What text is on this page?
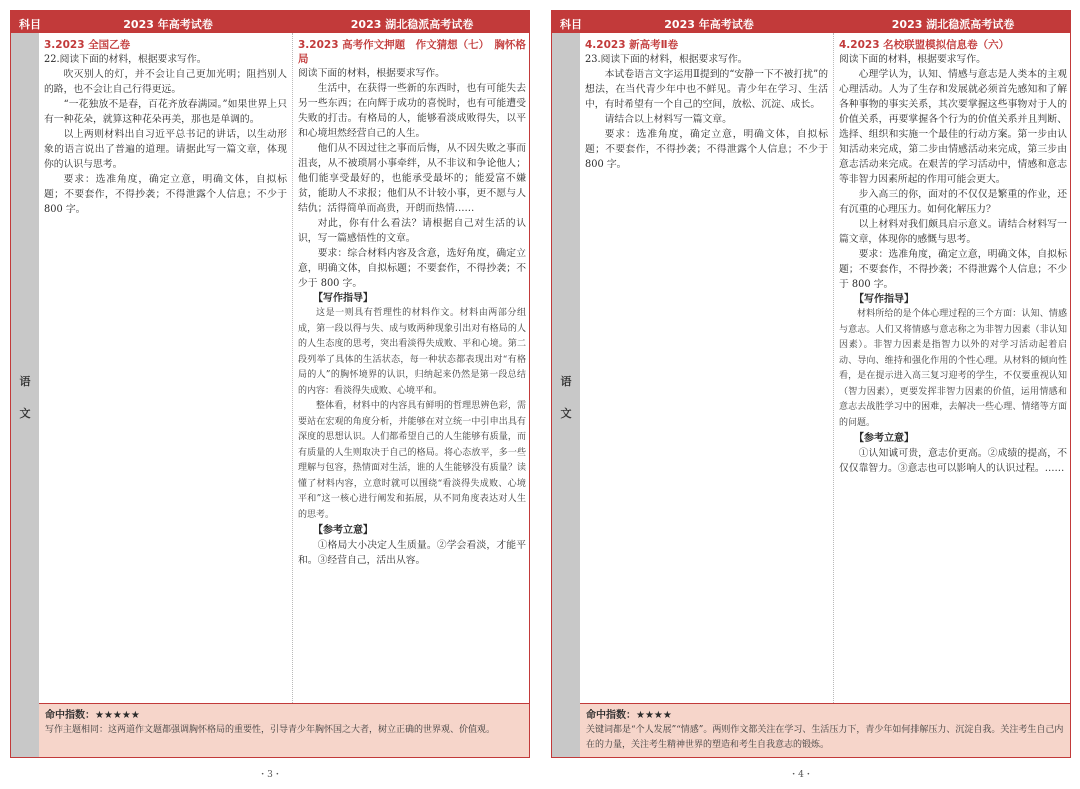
科目	2023 年高考试卷	2023 湖北稳派高考试卷
语
文
3.2023 全国乙卷

22.阅读下面的材料，根据要求写作。

吹灭别人的灯，并不会让自己更加光明；阻挡别人的路，也不会让自己行得更远。

“一花独放不是春，百花齐放春满园。”如果世界上只有一种花朵，就算这种花朵再美，那也是单调的。

以上两则材料出自习近平总书记的讲话，以生动形象的语言说出了普遍的道理。请据此写一篇文章，体现你的认识与思考。

要求：选准角度，确定立意，明确文体，自拟标题；不要套作，不得抄袭；不得泄露个人信息；不少于 800 字。

3.2023 高考作文押题　作文猜想（七）　胸怀格局

阅读下面的材料，根据要求写作。

生活中，在获得一些新的东西时，也有可能失去另一些东西；在向辉于成功的喜悦时，也有可能遭受失败的打击。有格局的人，能够看淡成败得失，以平和心境坦然经营自己的人生。

他们从不因过往之事而后悔，从不因失败之事而沮丧，从不被琐屑小事牵绊，从不非议和争论他人；他们能享受最好的，也能承受最坏的；能爱富不嫌贫，能助人不求报；他们从不计较小事，更不愿与人结仇；活得简单而高贵，开朗而热情……

对此，你有什么看法？请根据自己对生活的认识，写一篇感悟性的文章。

要求：综合材料内容及含意，选好角度，确定立意，明确文体，自拟标题；不要套作，不得抄袭；不少于 800 字。

【写作指导】

这是一则具有哲理性的材料作文。材料由两部分组成，第一段以得与失、成与败两种现象引出对有格局的人的人生态度的思考，突出看淡得失成败、平和心境。第二段列举了具体的生活状态，每一种状态都表现出对“有格局的人”的胸怀境界的认识，归纳起来仍然是第一段总结的内容：看淡得失成败、心境平和。

整体看，材料中的内容具有鲜明的哲理思辨色彩，需要站在宏观的角度分析，并能够在对立统一中引申出具有深度的思想认识。人们都希望自己的人生能够有质量，而有质量的人生则取决于自己的格局。将心态放平，多一些理解与包容，热情面对生活，谁的人生能够没有质量？读懂了材料内容，立意时就可以围绕“看淡得失成败、心境平和”这一核心进行阐发和拓展，从不同角度表达对人生的思考。

【参考立意】

①格局大小决定人生质量。②学会看淡，才能平和。③经营自己，活出从容。

命中指数：★★★★★
写作主题相同：这两道作文题都强调胸怀格局的重要性，引导青少年胸怀国之大者，树立正确的世界观、价值观。
・3・
科目	2023 年高考试卷	2023 湖北稳派高考试卷
语
文
4.2023 新高考Ⅱ卷

23.阅读下面的材料，根据要求写作。

本试卷语言文字运用Ⅱ提到的“安静一下不被打扰”的想法，在当代青少年中也不鲜见。青少年在学习、生活中，有时希望有一个自己的空间，放松、沉淀、成长。

请结合以上材料写一篇文章。

要求：选准角度，确定立意，明确文体，自拟标题；不要套作，不得抄袭；不得泄露个人信息；不少于 800 字。

4.2023 名校联盟模拟信息卷（六）

阅读下面的材料，根据要求写作。

心理学认为，认知、情感与意志是人类本的主观心理活动。人为了生存和发展就必须首先感知和了解各种事物的事实关系，其次要掌握这些事物对于人的价值关系，再要掌握各个行为的价值关系并且判断、选择、组织和实施一个最佳的行动方案。第一步由认知活动来完成，第二步由情感活动来完成，第三步由意志活动来完成。在艰苦的学习活动中，情感和意志等非智力因素所起的作用可能会更大。

步入高三的你，面对的不仅仅是繁重的作业，还有沉重的心理压力。如何化解压力？

以上材料对我们颇具启示意义。请结合材料写一篇文章，体现你的感慨与思考。

要求：选准角度，确定立意，明确文体，自拟标题；不要套作，不得抄袭；不得泄露个人信息；不少于 800 字。

【写作指导】

材料所给的是个体心理过程的三个方面：认知、情感与意志。人们又将情感与意志称之为非智力因素（非认知因素）。非智力因素是指智力以外的对学习活动起着启动、导向、维持和强化作用的个性心理。从材料的倾向性看，是在提示进入高三复习迎考的学生，不仅要重视认知（智力因素），更要发挥非智力因素的价值，运用情感和意志去战胜学习中的困难，去解决一些心理、情绪等方面的问题。

【参考立意】

①认知诚可贵，意志价更高。②成绩的提高，不仅仅靠智力。③意志也可以影响人的认识过程。……

命中指数：★★★★
关键词都是“个人发展”“情感”。两则作文都关注在学习、生活压力下，青少年如何排解压力、沉淀自我。关注考生自己内在的力量，关注考生精神世界的塑造和考生自我意志的锻炼。
・4・
